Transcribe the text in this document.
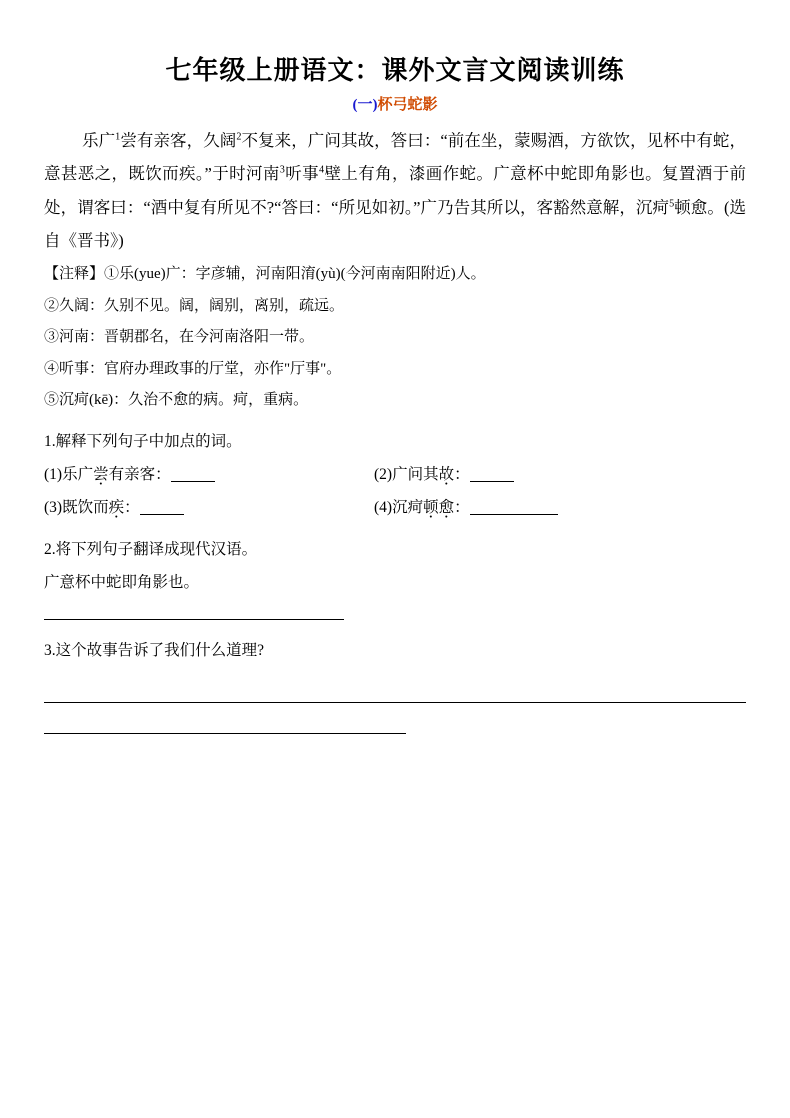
七年级上册语文：课外文言文阅读训练
(一)杯弓蛇影

乐广$^1$尝有亲客，久阔$^2$不复来，广问其故，答曰：“前在坐，蒙赐酒，方欲饮，见杯中有蛇，意甚恶之，既饮而疾。”于时河南$^3$听事$^4$壁上有角，漆画作蛇。广意杯中蛇即角影也。复置酒于前处，谓客曰：“酒中复有所见不?“答曰：“所见如初。”广乃告其所以，客豁然意解，沉疴$^5$顿愈。(选自《晋书》)

【注释】①乐(yue)广：字彦辅，河南阳淯(yù)(今河南南阳附近)人。

②久阔：久别不见。阔，阔别，离别，疏远。

③河南：晋朝郡名，在今河南洛阳一带。

④听事：官府办理政事的厅堂，亦作"厅事"。

⑤沉疴(kē)：久治不愈的病。疴，重病。

1.解释下列句子中加点的词。

(1)乐广尝有亲客：	(2)广问其故：
(3)既饮而疾：	(4)沉疴顿愈：

2.将下列句子翻译成现代汉语。

广意杯中蛇即角影也。

3.这个故事告诉了我们什么道理?
